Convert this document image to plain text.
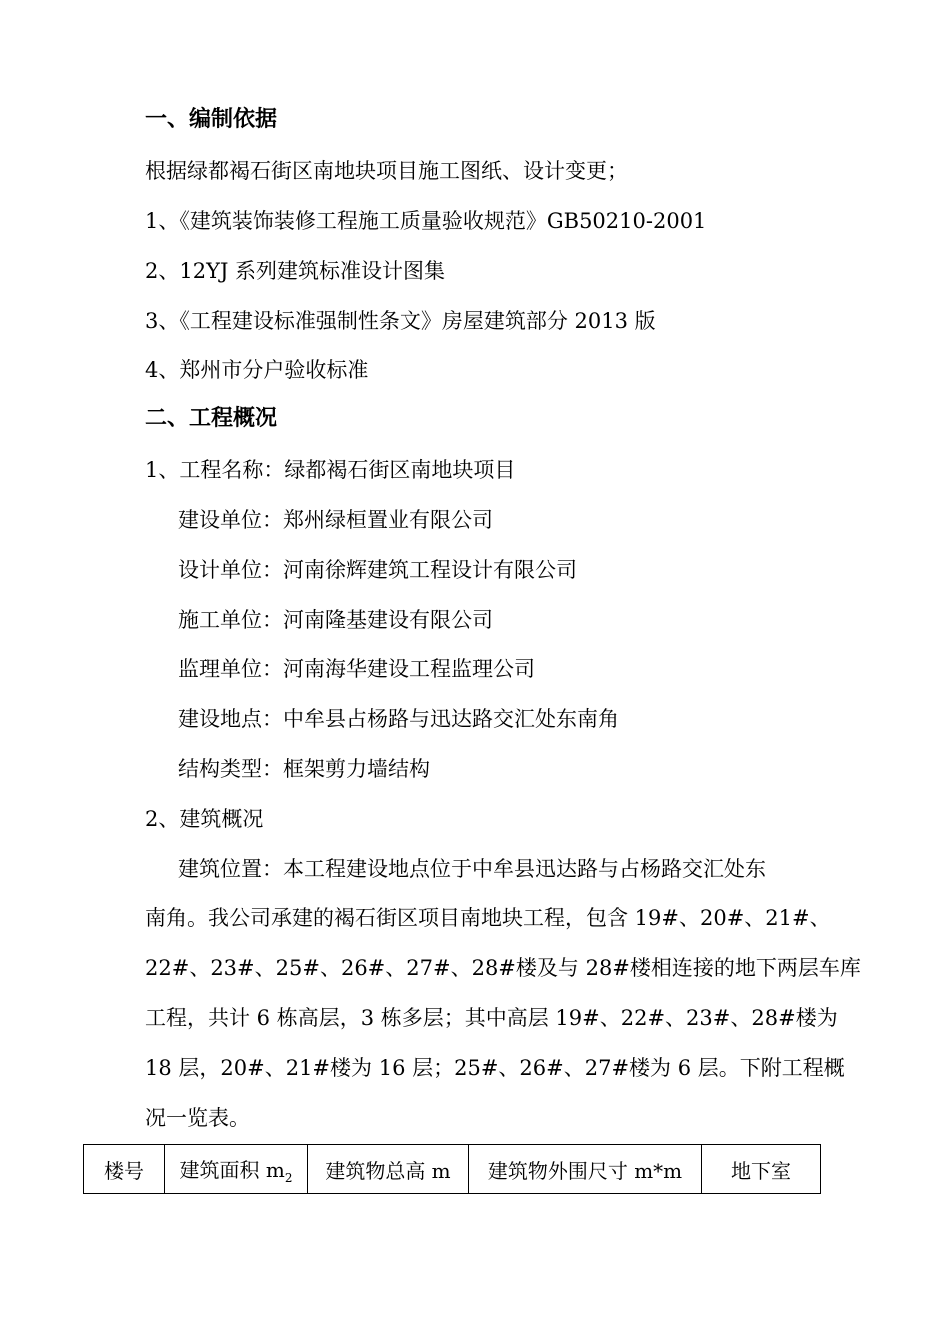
一、编制依据
根据绿都褐石街区南地块项目施工图纸、设计变更；
1、《建筑装饰装修工程施工质量验收规范》GB50210-2001
2、12YJ 系列建筑标准设计图集
3、《工程建设标准强制性条文》房屋建筑部分 2013 版
4、郑州市分户验收标准
二、工程概况
1、工程名称：绿都褐石街区南地块项目
建设单位：郑州绿桓置业有限公司
设计单位：河南徐辉建筑工程设计有限公司
施工单位：河南隆基建设有限公司
监理单位：河南海华建设工程监理公司
建设地点：中牟县占杨路与迅达路交汇处东南角
结构类型：框架剪力墙结构
2、建筑概况
建筑位置：本工程建设地点位于中牟县迅达路与占杨路交汇处东
南角。我公司承建的褐石街区项目南地块工程，包含 19#、20#、21#、
22#、23#、25#、26#、27#、28#楼及与 28#楼相连接的地下两层车库
工程，共计 6 栋高层，3 栋多层；其中高层 19#、22#、23#、28#楼为
18 层，20#、21#楼为 16 层；25#、26#、27#楼为 6 层。下附工程概
况一览表。
楼号	建筑面积 $m_2$	建筑物总高 m	建筑物外围尺寸 m*m	地下室
